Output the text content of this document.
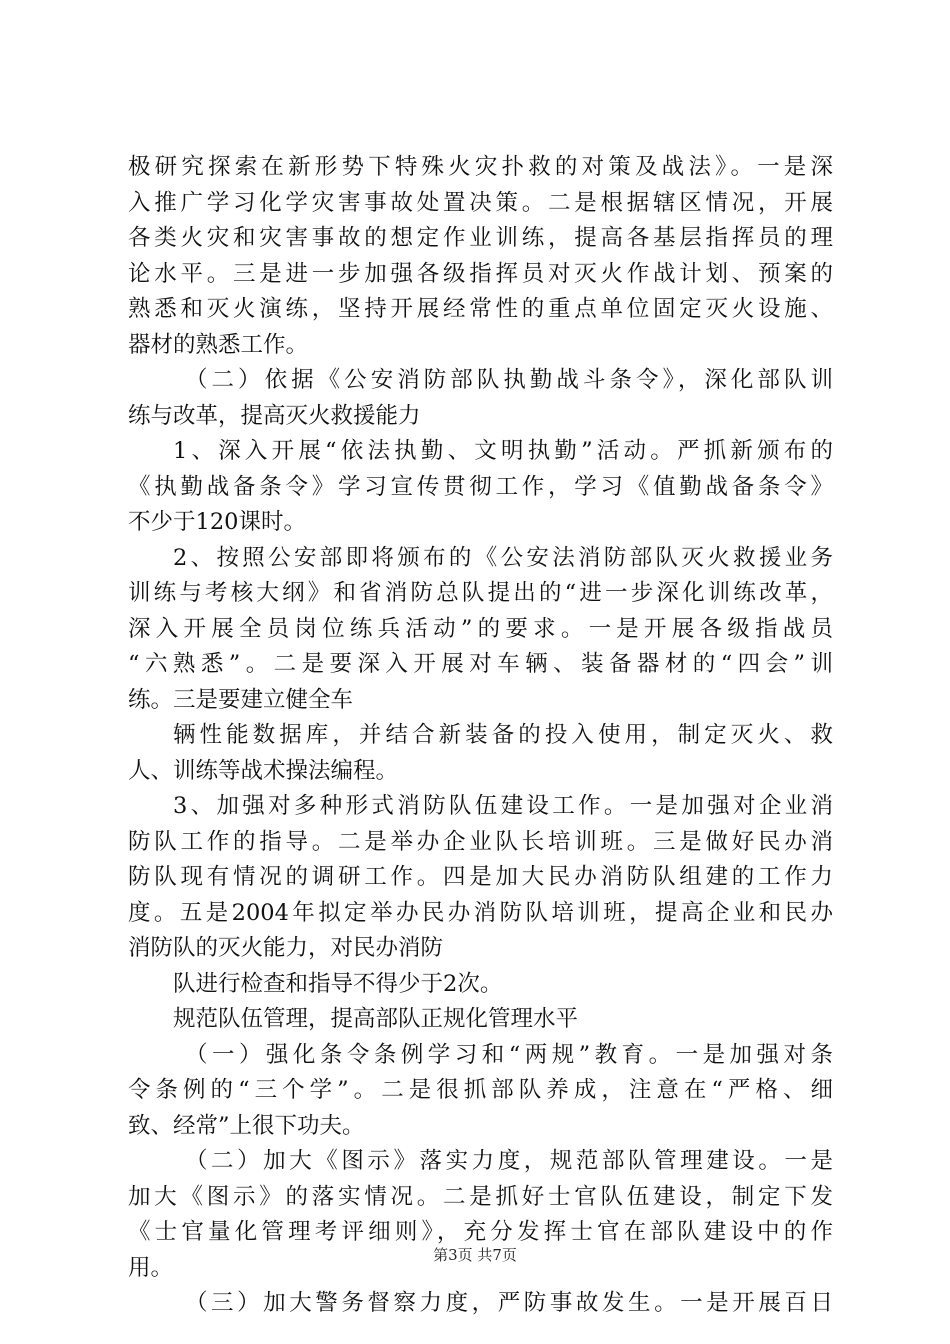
极研究探索在新形势下特殊火灾扑救的对策及战法》。一是深
入推广学习化学灾害事故处置决策。二是根据辖区情况，开展
各类火灾和灾害事故的想定作业训练，提高各基层指挥员的理
论水平。三是进一步加强各级指挥员对灭火作战计划、预案的
熟悉和灭火演练，坚持开展经常性的重点单位固定灭火设施、
器材的熟悉工作。
（二）依据《公安消防部队执勤战斗条令》，深化部队训
练与改革，提高灭火救援能力
1、深入开展“依法执勤、文明执勤”活动。严抓新颁布的
《执勤战备条令》学习宣传贯彻工作，学习《值勤战备条令》
不少于120课时。
2、按照公安部即将颁布的《公安法消防部队灭火救援业务
训练与考核大纲》和省消防总队提出的“进一步深化训练改革，
深入开展全员岗位练兵活动”的要求。一是开展各级指战员
“六熟悉”。二是要深入开展对车辆、装备器材的“四会”训
练。三是要建立健全车
辆性能数据库，并结合新装备的投入使用，制定灭火、救
人、训练等战术操法编程。
3、加强对多种形式消防队伍建设工作。一是加强对企业消
防队工作的指导。二是举办企业队长培训班。三是做好民办消
防队现有情况的调研工作。四是加大民办消防队组建的工作力
度。五是2004年拟定举办民办消防队培训班，提高企业和民办
消防队的灭火能力，对民办消防
队进行检查和指导不得少于2次。
规范队伍管理，提高部队正规化管理水平
（一）强化条令条例学习和“两规”教育。一是加强对条
令条例的“三个学”。二是很抓部队养成，注意在“严格、细
致、经常”上很下功夫。
（二）加大《图示》落实力度，规范部队管理建设。一是
加大《图示》的落实情况。二是抓好士官队伍建设，制定下发
《士官量化管理考评细则》，充分发挥士官在部队建设中的作
用。
（三）加大警务督察力度，严防事故发生。一是开展百日
第3页 共7页
